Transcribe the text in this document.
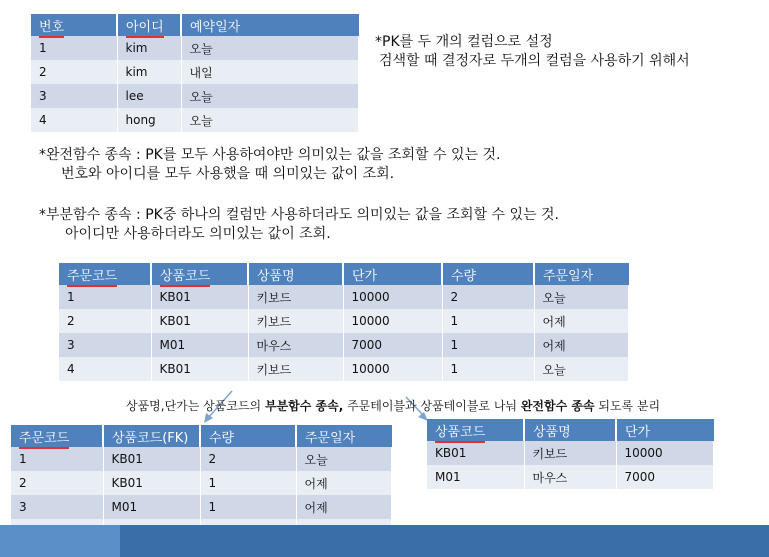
번호	아이디	예약일자
1	kim	오늘
2	kim	내일
3	lee	오늘
4	hong	오늘
*PK를 두 개의 컬럼으로 설정
검색할 때 결정자로 두개의 컬럼을 사용하기 위해서
*완전함수 종속 : PK를 모두 사용하여야만 의미있는 값을 조회할 수 있는 것.
번호와 아이디를 모두 사용했을 때 의미있는 값이 조회.
*부분함수 종속 : PK중 하나의 컬럼만 사용하더라도 의미있는 값을 조회할 수 있는 것.
아이디만 사용하더라도 의미있는 값이 조회.
주문코드	상품코드	상품명	단가	수량	주문일자
1	KB01	키보드	10000	2	오늘
2	KB01	키보드	10000	1	어제
3	M01	마우스	7000	1	어제
4	KB01	키보드	10000	1	오늘
상품명,단가는 상품코드의 부분함수 종속, 주문테이블과 상품테이블로 나눠 완전함수 종속 되도록 분리
주문코드	상품코드(FK)	수량	주문일자
1	KB01	2	오늘
2	KB01	1	어제
3	M01	1	어제

상품코드	상품명	단가
KB01	키보드	10000
M01	마우스	7000
